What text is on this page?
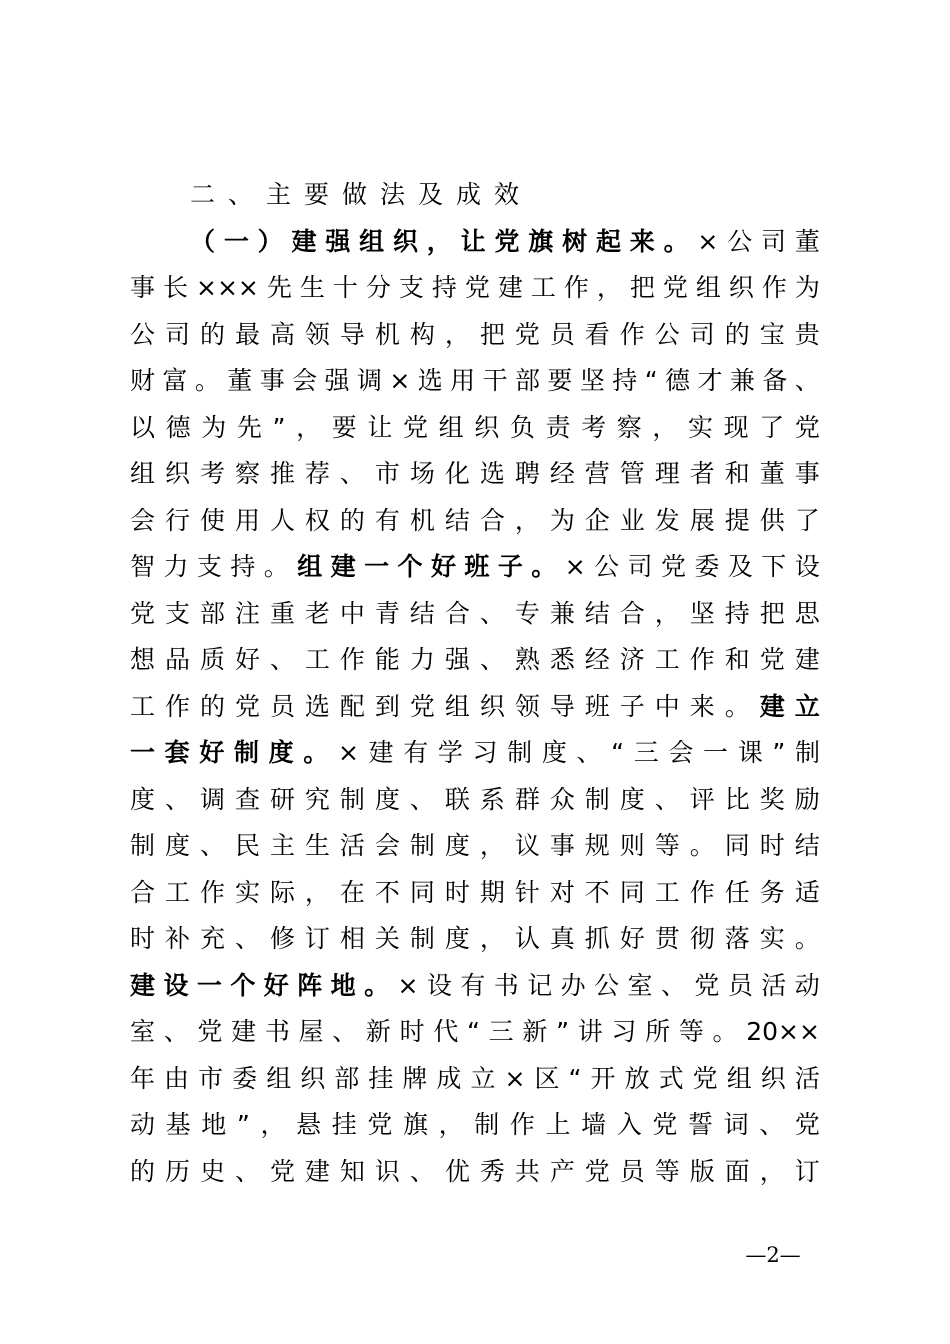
二、主要做法及成效
（ 一 ） 建 强 组 织 ， 让 党 旗 树 起 来 。 × 公 司 董
事 长 ××× 先 生 十 分 支 持 党 建 工 作 ， 把 党 组 织 作 为
公 司 的 最 高 领 导 机 构 ， 把 党 员 看 作 公 司 的 宝 贵
财 富 。 董 事 会 强 调 × 选 用 干 部 要 坚 持 “ 德 才 兼 备 、
以 德 为 先 ” ， 要 让 党 组 织 负 责 考 察 ， 实 现 了 党
组 织 考 察 推 荐 、 市 场 化 选 聘 经 营 管 理 者 和 董 事
会 行 使 用 人 权 的 有 机 结 合 ， 为 企 业 发 展 提 供 了
智 力 支 持 。 组 建 一 个 好 班 子 。 × 公 司 党 委 及 下 设
党 支 部 注 重 老 中 青 结 合 、 专 兼 结 合 ， 坚 持 把 思
想 品 质 好 、 工 作 能 力 强 、 熟 悉 经 济 工 作 和 党 建
工 作 的 党 员 选 配 到 党 组 织 领 导 班 子 中 来 。 建 立
一 套 好 制 度 。 × 建 有 学 习 制 度 、 “ 三 会 一 课 ” 制
度 、 调 查 研 究 制 度 、 联 系 群 众 制 度 、 评 比 奖 励
制 度 、 民 主 生 活 会 制 度 ， 议 事 规 则 等 。 同 时 结
合 工 作 实 际 ， 在 不 同 时 期 针 对 不 同 工 作 任 务 适
时 补 充 、 修 订 相 关 制 度 ， 认 真 抓 好 贯 彻 落 实 。
建 设 一 个 好 阵 地 。 × 设 有 书 记 办 公 室 、 党 员 活 动
室 、 党 建 书 屋 、 新 时 代 “ 三 新 ” 讲 习 所 等 。 20××
年 由 市 委 组 织 部 挂 牌 成 立 × 区 “ 开 放 式 党 组 织 活
动 基 地 ” ， 悬 挂 党 旗 ， 制 作 上 墙 入 党 誓 词 、 党
的 历 史 、 党 建 知 识 、 优 秀 共 产 党 员 等 版 面 ， 订
—2—
